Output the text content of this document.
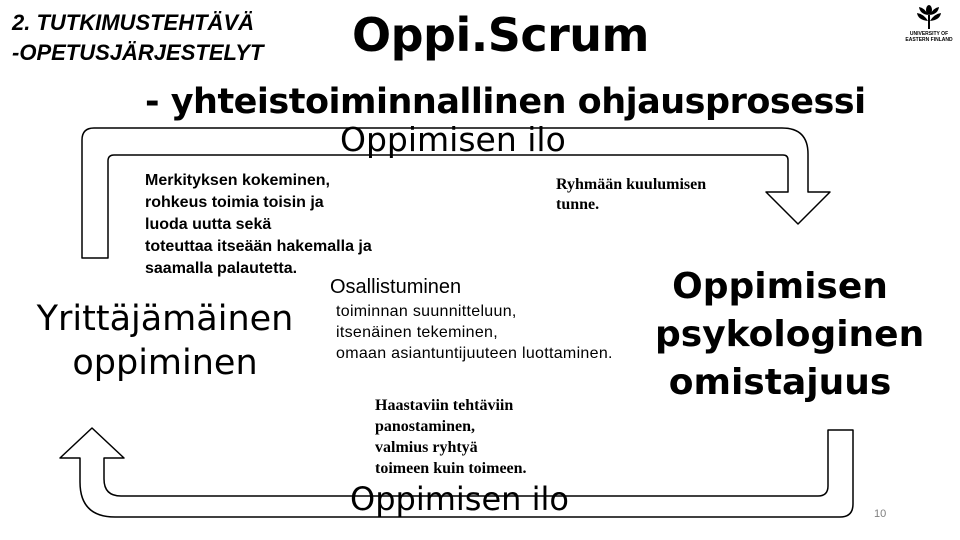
2. TUTKIMUSTEHTÄVÄ
-OPETUSJÄRJESTELYT Oppi.Scrum
- yhteistoiminnallinen ohjausprosessi
UNIVERSITY OF
EASTERN FINLAND
Oppimisen ilo
Merkityksen kokeminen,
rohkeus toimia toisin ja
luoda uutta sekä
toteuttaa itseään hakemalla ja
saamalla palautetta.
Ryhmään kuulumisen
tunne.
Osallistuminen
toiminnan suunnitteluun,
itsenäinen tekeminen,
omaan asiantuntijuuteen luottaminen.
Yrittäjämäinen
oppiminen
Oppimisen
psykologinen
omistajuus
Haastaviin tehtäviin
panostaminen,
valmius ryhtyä
toimeen kuin toimeen.
Oppimisen ilo	10
